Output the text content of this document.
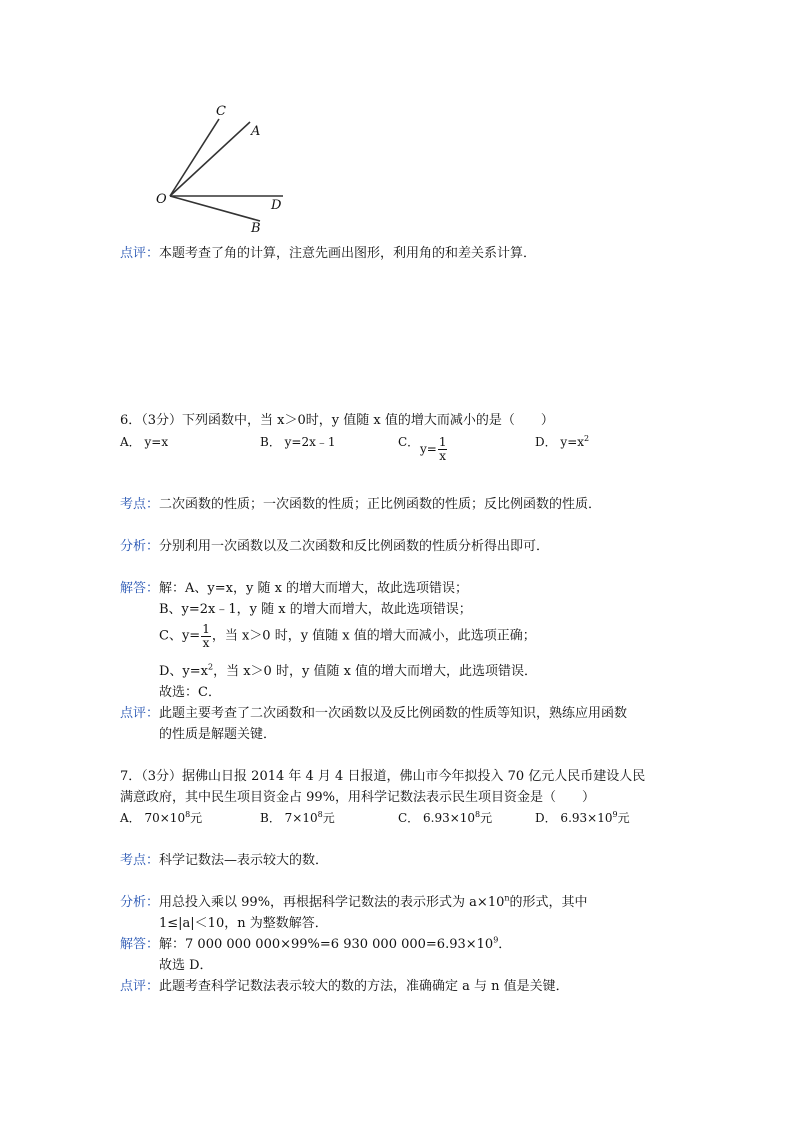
C
A
O	D
B
点评：本题考查了角的计算，注意先画出图形，利用角的和差关系计算．
6．（3分）下列函数中，当 x＞0时，y 值随 x 值的增大而减小的是（　　）
A． y=x	B． y=2x﹣1	C． $y= \frac{1}{x}$	D． $y=x^2$
考点：二次函数的性质；一次函数的性质；正比例函数的性质；反比例函数的性质．
分析：分别利用一次函数以及二次函数和反比例函数的性质分析得出即可．
解答：解：A、y=x，y 随 x 的增大而增大，故此选项错误；
B、y=2x﹣1，y 随 x 的增大而增大，故此选项错误；
C、$y= \frac{1}{x}$ ，当 x＞0 时，y 值随 x 值的增大而减小，此选项正确；
D、$y=x^2$，当 x＞0 时，y 值随 x 值的增大而增大，此选项错误．
故选：C．
点评：此题主要考查了二次函数和一次函数以及反比例函数的性质等知识，熟练应用函数
的性质是解题关键．
7．（3分）据佛山日报 2014 年 4 月 4 日报道，佛山市今年拟投入 70 亿元人民币建设人民
满意政府，其中民生项目资金占 99%，用科学记数法表示民生项目资金是（　　）
A． $70\times 10^8$元	B． $7\times 10^8$元	C． $6.93\times 10^8$元	D． $6.93\times 10^9$元
考点：科学记数法—表示较大的数．
分析：用总投入乘以 99%，再根据科学记数法的表示形式为 $a\times 10^n$的形式，其中
1≤|a|＜10，n 为整数解答．
解答：解：7 000 000 000×99%=6 930 000 $000=6.93\times 10^9$．
故选 D．
点评：此题考查科学记数法表示较大的数的方法，准确确定 a 与 n 值是关键．
